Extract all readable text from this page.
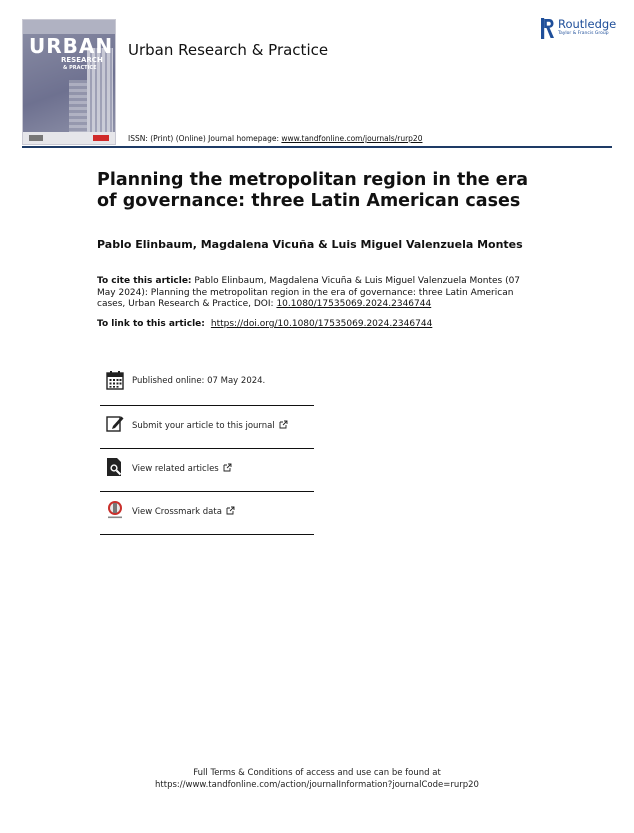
URBAN
RESEARCH
& PRACTICE
Urban Research & Practice
ISSN: (Print) (Online) Journal homepage: www.tandfonline.com/journals/rurp20
Routledge
Taylor & Francis Group
Planning the metropolitan region in the era of governance: three Latin American cases
Pablo Elinbaum, Magdalena Vicuña & Luis Miguel Valenzuela Montes
To cite this article: Pablo Elinbaum, Magdalena Vicuña & Luis Miguel Valenzuela Montes (07 May 2024): Planning the metropolitan region in the era of governance: three Latin American cases, Urban Research & Practice, DOI: 10.1080/17535069.2024.2346744
To link to this article:  https://doi.org/10.1080/17535069.2024.2346744
Published online: 07 May 2024.
Submit your article to this journal
View related articles
View Crossmark data
Full Terms & Conditions of access and use can be found at
https://www.tandfonline.com/action/journalInformation?journalCode=rurp20
